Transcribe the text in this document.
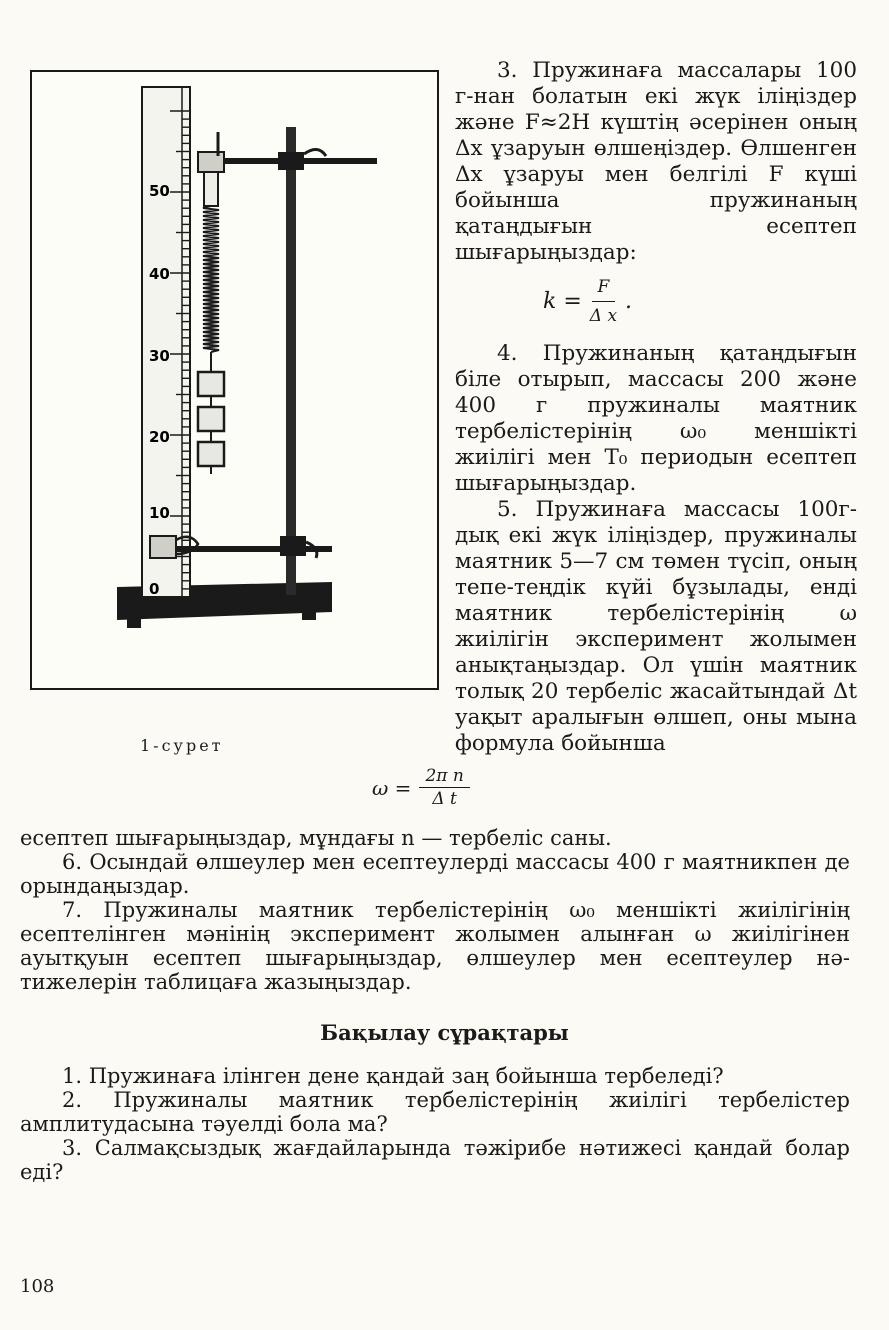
50
40
30
20
10
0
1-сурет

3. Пружинаға массалары 100 г-нан болатын екі жүк іліңіздер және F≈2Н күштің әсерінен оның Δx ұзаруын өлшеңіздер. Өлшенген Δx ұзаруы мен белгілі F күші бойынша пружинаның қатаңдығын есептеп шығарыңыздар:

$k = \frac{F}{\text{Δ x}}$ .

4. Пружинаның қатаңдығын біле отырып, массасы 200 және 400 г пружиналы маятник тербелістерінің ω₀ меншікті жиілігі мен T₀ периодын есептеп шығарыңыздар.

5. Пружинаға массасы 100гдық екі жүк іліңіздер, пружиналы маятник 5—7 см төмен түсіп, оның тепе-теңдік күйі бұзылады, енді маятник тербелістерінің ω жиілігін эксперимент жолымен анықтаңыздар. Ол үшін маятник толық 20 тербеліс жасайтындай Δt уақыт аралығын өлшеп, оны мына формула бойынша

$\omega = \frac{\text{2π n}}{\text{Δ t}}$

есептеп шығарыңыздар, мұндағы n — тербеліс саны.

6. Осындай өлшеулер мен есептеулерді массасы 400 г маятникпен де орындаңыздар.

7. Пружиналы маятник тербелістерінің ω₀ меншікті жиілігінің есептелінген мәнінің эксперимент жолымен алынған ω жиілігінен ауытқуын есептеп шығарыңыздар, өлшеулер мен есептеулер нәтижелерін таблицаға жазыңыздар.

Бақылау сұрақтары

1. Пружинаға ілінген дене қандай заң бойынша тербеледі?

2. Пружиналы маятник тербелістерінің жиілігі тербелістер амплитудасына тәуелді бола ма?

3. Салмақсыздық жағдайларында тәжірибе нәтижесі қандай болар еді?

108
